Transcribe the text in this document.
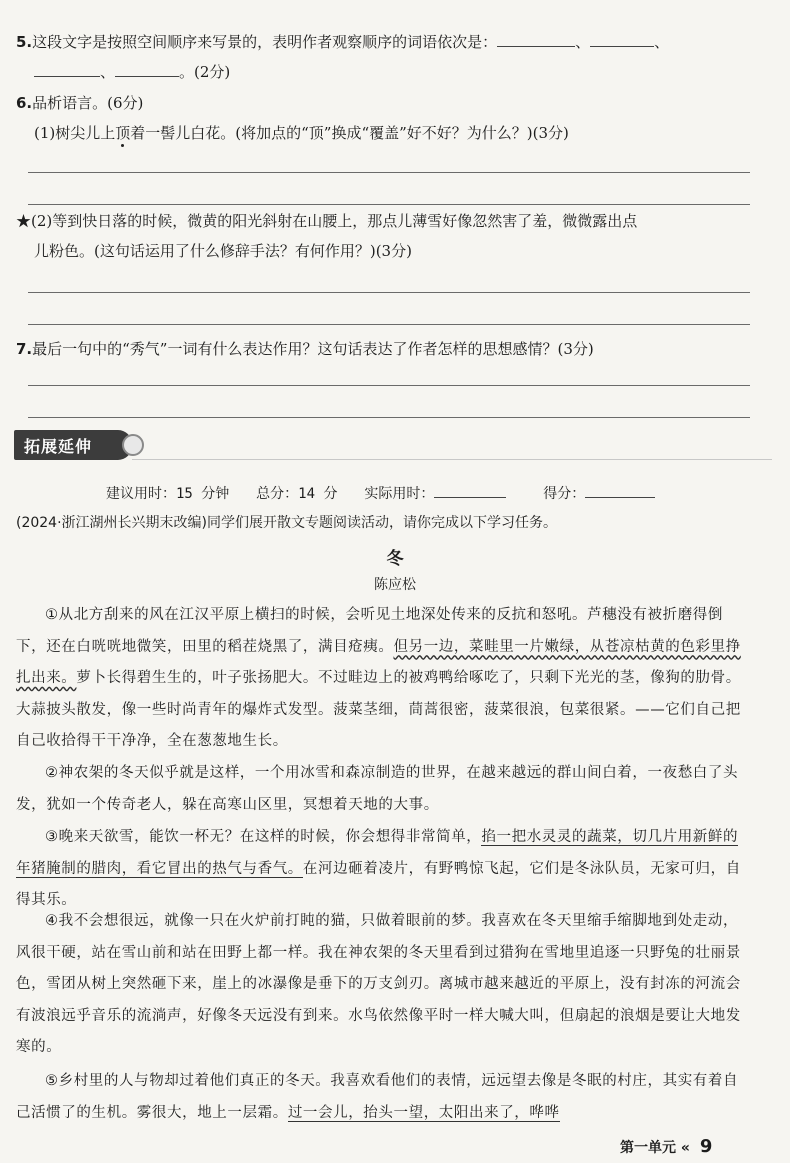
5.这段文字是按照空间顺序来写景的，表明作者观察顺序的词语依次是：	、	、
、	。(2分)
6.品析语言。(6分)
(1)树尖儿上顶着一髻儿白花。(将加点的“顶”换成“覆盖”好不好？为什么？)(3分)
★(2)等到快日落的时候，微黄的阳光斜射在山腰上，那点儿薄雪好像忽然害了羞，微微露出点
儿粉色。(这句话运用了什么修辞手法？有何作用？)(3分)
7.最后一句中的“秀气”一词有什么表达作用？这句话表达了作者怎样的思想感情？(3分)
拓展延伸
建议用时：15 分钟 总分：14 分 实际用时：	得分：
(2024·浙江湖州长兴期末改编)同学们展开散文专题阅读活动，请你完成以下学习任务。
冬
陈应松
①从北方刮来的风在江汉平原上横扫的时候，会听见土地深处传来的反抗和怒吼。芦穗没有被折磨得倒下，还在白咣咣地微笑，田里的稻茬烧黑了，满目疮痍。但另一边，菜畦里一片嫩绿，从苍凉枯黄的色彩里挣扎出来。萝卜长得碧生生的，叶子张扬肥大。不过畦边上的被鸡鸭给啄吃了，只剩下光光的茎，像狗的肋骨。大蒜披头散发，像一些时尚青年的爆炸式发型。菠菜茎细，茼蒿很密，菠菜很浪，包菜很紧。——它们自己把自己收拾得干干净净，全在葱葱地生长。
②神农架的冬天似乎就是这样，一个用冰雪和森凉制造的世界，在越来越远的群山间白着，一夜愁白了头发，犹如一个传奇老人，躲在高寒山区里，冥想着天地的大事。
③晚来天欲雪，能饮一杯无？在这样的时候，你会想得非常简单，掐一把水灵灵的蔬菜，切几片用新鲜的年猪腌制的腊肉，看它冒出的热气与香气。在河边砸着凌片，有野鸭惊飞起，它们是冬泳队员，无家可归，自得其乐。
④我不会想很远，就像一只在火炉前打盹的猫，只做着眼前的梦。我喜欢在冬天里缩手缩脚地到处走动，风很干硬，站在雪山前和站在田野上都一样。我在神农架的冬天里看到过猎狗在雪地里追逐一只野兔的壮丽景色，雪团从树上突然砸下来，崖上的冰瀑像是垂下的万支剑刃。离城市越来越近的平原上，没有封冻的河流会有波浪远乎音乐的流淌声，好像冬天远没有到来。水鸟依然像平时一样大喊大叫，但扇起的浪烟是要让大地发寒的。
⑤乡村里的人与物却过着他们真正的冬天。我喜欢看他们的表情，远远望去像是冬眠的村庄，其实有着自己活惯了的生机。雾很大，地上一层霜。过一会儿，抬头一望，太阳出来了，哗哗
第一单元 « 9
